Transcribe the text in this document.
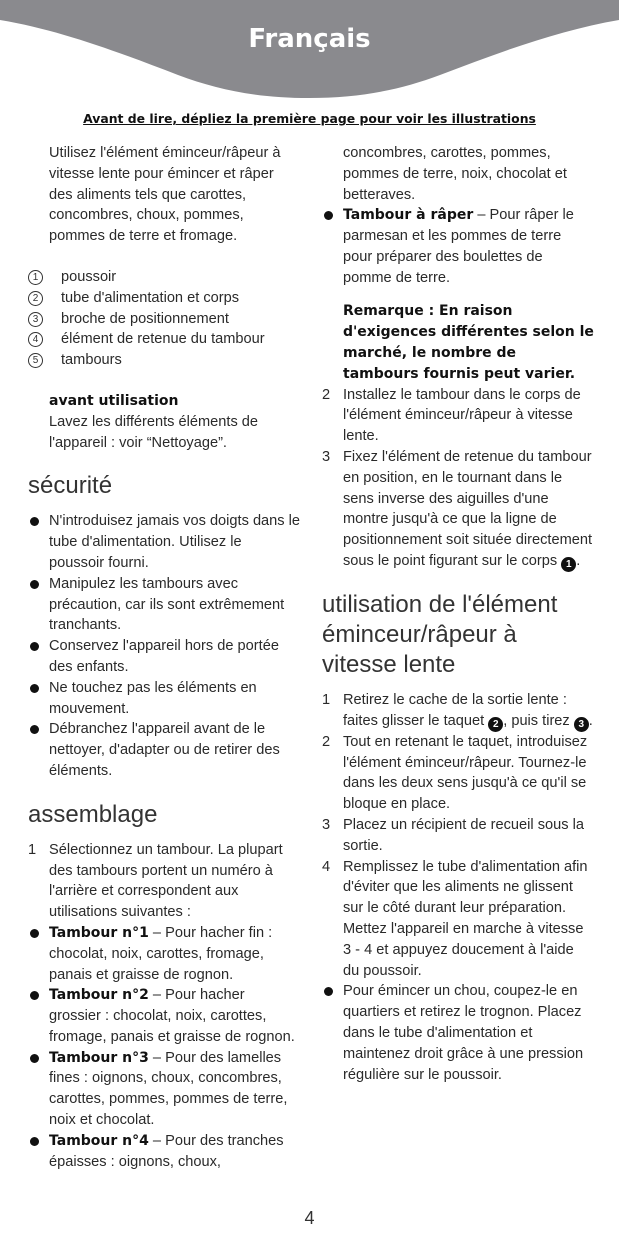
Français
Avant de lire, dépliez la première page pour voir les illustrations

Utilisez l'élément éminceur/râpeur à vitesse lente pour émincer et râper des aliments tels que carottes, concombres, choux, pommes, pommes de terre et fromage.

1	poussoir
2	tube d'alimentation et corps
3	broche de positionnement
4	élément de retenue du tambour
5	tambours
avant utilisation

Lavez les différents éléments de l'appareil : voir “Nettoyage”.

sécurité
N'introduisez jamais vos doigts dans le tube d'alimentation. Utilisez le poussoir fourni.
Manipulez les tambours avec précaution, car ils sont extrêmement tranchants.
Conservez l'appareil hors de portée des enfants.
Ne touchez pas les éléments en mouvement.
Débranchez l'appareil avant de le nettoyer, d'adapter ou de retirer des éléments.
assemblage
1 Sélectionnez un tambour. La plupart des tambours portent un numéro à l'arrière et correspondent aux utilisations suivantes :
Tambour n°1 – Pour hacher fin : chocolat, noix, carottes, fromage, panais et graisse de rognon.
Tambour n°2 – Pour hacher grossier : chocolat, noix, carottes, fromage, panais et graisse de rognon.
Tambour n°3 – Pour des lamelles fines : oignons, choux, concombres, carottes, pommes, pommes de terre, noix et chocolat.
Tambour n°4 – Pour des tranches épaisses : oignons, choux,

concombres, carottes, pommes, pommes de terre, noix, chocolat et betteraves.

Tambour à râper – Pour râper le parmesan et les pommes de terre pour préparer des boulettes de pomme de terre.

Remarque : En raison d'exigences différentes selon le marché, le nombre de tambours fournis peut varier.

2 Installez le tambour dans le corps de l'élément éminceur/râpeur à vitesse lente.
3 Fixez l'élément de retenue du tambour en position, en le tournant dans le sens inverse des aiguilles d'une montre jusqu'à ce que la ligne de positionnement soit située directement sous le point figurant sur le corps 1 .
utilisation de l'élément éminceur/râpeur à vitesse lente
1 Retirez le cache de la sortie lente : faites glisser le taquet 2 , puis tirez 3 .
2 Tout en retenant le taquet, introduisez l'élément éminceur/râpeur. Tournez-le dans les deux sens jusqu'à ce qu'il se bloque en place.
3 Placez un récipient de recueil sous la sortie.
4 Remplissez le tube d'alimentation afin d'éviter que les aliments ne glissent sur le côté durant leur préparation. Mettez l'appareil en marche à vitesse 3 - 4 et appuyez doucement à l'aide du poussoir.
Pour émincer un chou, coupez-le en quartiers et retirez le trognon. Placez dans le tube d'alimentation et maintenez droit grâce à une pression régulière sur le poussoir.
4
